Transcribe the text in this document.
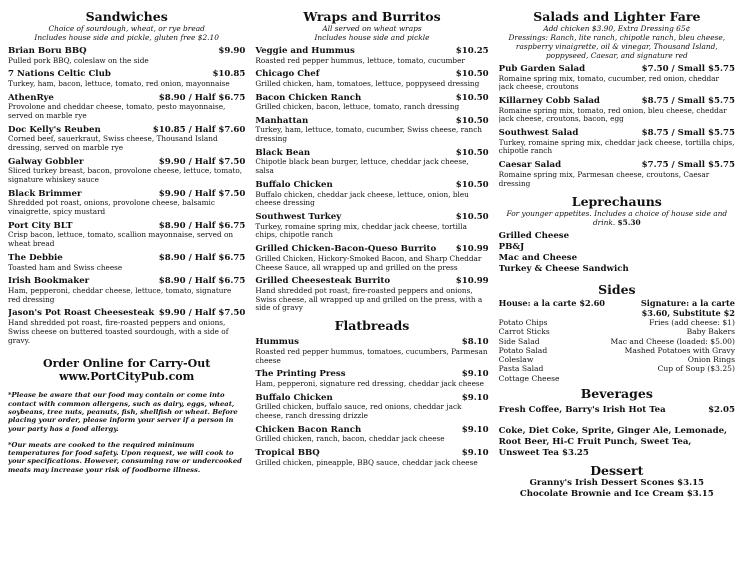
Sandwiches
Choice of sourdough, wheat, or rye bread
Includes house side and pickle, gluten free $2.10
Brian Boru BBQ	$9.90
Pulled pork BBQ, coleslaw on the side
7 Nations Celtic Club	$10.85
Turkey, ham, bacon, lettuce, tomato, red onion, mayonnaise
AthenRye	$8.90 / Half $6.75
Provolone and cheddar cheese, tomato, pesto mayonnaise, served on marble rye
Doc Kelly's Reuben	$10.85 / Half $7.60
Corned beef, sauerkraut, Swiss cheese, Thousand Island dressing, served on marble rye
Galway Gobbler	$9.90 / Half $7.50
Sliced turkey breast, bacon, provolone cheese, lettuce, tomato, signature whiskey sauce
Black Brimmer	$9.90 / Half $7.50
Shredded pot roast, onions, provolone cheese, balsamic vinaigrette, spicy mustard
Port City BLT	$8.90 / Half $6.75
Crisp bacon, lettuce, tomato, scallion mayonnaise, served on wheat bread
The Debbie	$8.90 / Half $6.75
Toasted ham and Swiss cheese
Irish Bookmaker	$8.90 / Half $6.75
Ham, pepperoni, cheddar cheese, lettuce, tomato, signature red dressing
Jason's Pot Roast Cheesesteak $9.90 / Half $7.50
Hand shredded pot roast, fire-roasted peppers and onions, Swiss cheese on buttered toasted sourdough, with a side of gravy.
Order Online for Carry-Out
www.PortCityPub.com
*Please be aware that our food may contain or come into contact with common allergens, such as dairy, eggs, wheat, soybeans, tree nuts, peanuts, fish, shellfish or wheat. Before placing your order, please inform your server if a person in your party has a food allergy.
*Our meats are cooked to the required minimum temperatures for food safety. Upon request, we will cook to your specifications. However, consuming raw or undercooked meats may increase your risk of foodborne illness.
Wraps and Burritos
All served on wheat wraps
Includes house side and pickle
Veggie and Hummus	$10.25
Roasted red pepper hummus, lettuce, tomato, cucumber
Chicago Chef	$10.50
Grilled chicken, ham, tomatoes, lettuce, poppyseed dressing
Bacon Chicken Ranch	$10.50
Grilled chicken, bacon, lettuce, tomato, ranch dressing
Manhattan	$10.50
Turkey, ham, lettuce, tomato, cucumber, Swiss cheese, ranch dressing
Black Bean	$10.50
Chipotle black bean burger, lettuce, cheddar jack cheese, salsa
Buffalo Chicken	$10.50
Buffalo chicken, cheddar jack cheese, lettuce, onion, bleu cheese dressing
Southwest Turkey	$10.50
Turkey, romaine spring mix, cheddar jack cheese, tortilla chips, chipotle ranch
Grilled Chicken-Bacon-Queso Burrito $10.99
Grilled Chicken, Hickory-Smoked Bacon, and Sharp Cheddar Cheese Sauce, all wrapped up and grilled on the press
Grilled Cheesesteak Burrito	$10.99
Hand shredded pot roast, fire-roasted peppers and onions, Swiss cheese, all wrapped up and grilled on the press, with a side of gravy
Flatbreads
Hummus	$8.10
Roasted red pepper hummus, tomatoes, cucumbers, Parmesan cheese
The Printing Press	$9.10
Ham, pepperoni, signature red dressing, cheddar jack cheese
Buffalo Chicken	$9.10
Grilled chicken, buffalo sauce, red onions, cheddar jack cheese, ranch dressing drizzle
Chicken Bacon Ranch	$9.10
Grilled chicken, ranch, bacon, cheddar jack cheese
Tropical BBQ	$9.10
Grilled chicken, pineapple, BBQ sauce, cheddar jack cheese
Salads and Lighter Fare
Add chicken $3.90, Extra Dressing 65¢
Dressings: Ranch, lite ranch, chipotle ranch, bleu cheese, raspberry vinaigrette, oil & vinegar, Thousand Island, poppyseed, Caesar, and signature red
Pub Garden Salad	$7.50 / Small $5.75
Romaine spring mix, tomato, cucumber, red onion, cheddar jack cheese, croutons
Killarney Cobb Salad	$8.75 / Small $5.75
Romaine spring mix, tomato, red onion, bleu cheese, cheddar jack cheese, croutons, bacon, egg
Southwest Salad	$8.75 / Small $5.75
Turkey, romaine spring mix, cheddar jack cheese, tortilla chips, chipotle ranch
Caesar Salad	$7.75 / Small $5.75
Romaine spring mix, Parmesan cheese, croutons, Caesar dressing
Leprechauns
For younger appetites. Includes a choice of house side and drink. $5.30
Grilled Cheese
PB&J
Mac and Cheese
Turkey & Cheese Sandwich
Sides
House: a la carte $2.60
Potato Chips
Carrot Sticks
Side Salad
Potato Salad
Coleslaw
Pasta Salad
Cottage Cheese
Signature: a la carte
$3.60, Substitute $2
Fries (add cheese: $1)
Baby Bakers
Mac and Cheese (loaded: $5.00)
Mashed Potatoes with Gravy
Onion Rings
Cup of Soup ($3.25)
Beverages
Fresh Coffee, Barry's Irish Hot Tea	$2.05
Coke, Diet Coke, Sprite, Ginger Ale, Lemonade, Root Beer, Hi-C Fruit Punch, Sweet Tea, Unsweet Tea $3.25
Dessert
Granny's Irish Dessert Scones $3.15
Chocolate Brownie and Ice Cream $3.15
